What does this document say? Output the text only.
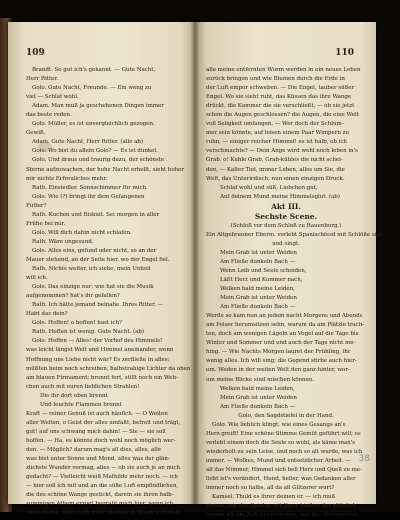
109
Brandt. So gut ich's gekannt. — Gute Nacht,
Herr Ritter.
Golo. Gute Nacht, Freunde. — Ein weng zu
viel — Schlaf wohl.
Adam. Man muß ja geschehenen Dingen immer
das beste reden.
Golo. Müller, es ist unvergleichlich gezogen.
Gewiß.
Adam. Gute Nacht, Herr Ritter. (alle ab)
Golo. Wo bist du allein Golo? — Es ist dunkel.
Golo. Und draus und traurig dazu, der schönste
Sterne aufzuwachen, der hohe Nacht erhellt, sieht hoher
mir nichts Erfreuliches mehr.
Rath. Einsiedler. Sonnschimmer für mich.
Golo. Wie (?) bringt ihr dem Gefangenen
Futter?
Rath. Kuchen und Biskuit. Sei morgen in aller
Frühe bei mir.
Golo. Will dich dahin nicht schlafen.
Rath. Wäre ungesund.
Golo. Alles eins, gefund oder nicht, so an der
Mauer stehend, an der Seite hier, wo der Engel fiel.
Rath. Nichts weiter, ich siehe, mein Unheil
will ich.
Golo. Das einzige nur: wie hat sie die Musik
aufgenommen? hat's ihr gefallen?
Rath. Ich hätte jemand beinahe. Ihres Ritter. —
Habt das dein?
Golo. Hoffen! o hoffen! hast ich?
Rath. Hoffen ist wenig. Gute Nacht. (ab)
Golo. Hoffen — Alles! der Vorhof des Himmels!
was leicht längst Welt und Himmel aneinander, wenn
Hoffnung uns Liebe nicht wär? Es zerfließe in alles;
müßten heim noch schreiben, halbstrahige Lichter da oben
am blauen Firmament; brennt fort, stillt noch ein Weh-
chen auch mit euren lieblichen Strahlen!
Die ihr dort oben brennt
Und leuchte Flammen brennt
Kraft — reiner Genuß ist auch häufich. — O Weiten
aller Weiten, o Geist der alles umfaßt, befreit und trägt,
gut! auf uns schwang mich dahin! — Sie — sie soll
hoffen. — Ha, es könnte doch wohl noch möglich wer-
den. — Möglich? darum mag's all dies, alles, alle
was bist unter Sonne und Mond, alles was der glän-
zlichste Wunder vermag, alles — ob sie auch je an mich
gedacht? — Vielleicht weiß Mathilde mehr noch. — ich
— hier soll ich mit und an die süße Luft empfindlichen,
die des schöne Wange gestickt, darein sie ihren halb-
summigen Athem erzog! begrabt mich hier, wenn ich
einst sterbe, mein Leib trübt niemals in Staub zerfallen,
110
alle meine entfernten Wurm werden in ein neues Leben
zurück bringen und wie Blumen durch die Erde in
der Luft empor schweben. — Die Engel, tauber süßer
Engel. Wo sie sieht ruht, das Küssen das ihre Wange
drückt, die Kammer die sie verschließt, — ob sie jetzt
schon die Augen geschlossen? die Augen, die eine Welt
voll Seligkeit umfangen. — Wer doch der Schlum-
mer sein könnte, auf leisen einem Paar Wimpern zu
ruhn, — einiger reicher Himmel! es ist halb, ob ich
verschmachte? — Dein Ange wird wohl noch leben in's
Grab. o! Kuhle Grab, Grab-kühles die nicht schei-
den, — Kalter Tod, immer Leben, alles um Sie, die
Welt, das Unterirdisch, nun einen einzigen Druck.
Schlaf wohl und süß, Liebchen gut,
Auf deinem Mund meine Himmelsglut. (ab)
Akt III.
Sechste Scene.
(Schloß vor dem Schloß zu Rauenburg.)
Ein Altgebrauner Eberm. vorlebt Spanischfesd mit Schlöße sips
und singt.
Mein Grab ist unter Weiden
Am Fließe dunkeln Bach —
Wenn Leib und Seele scheiden,
Läßt Herz und Kummer nach,
Welken bald meine Leiden,
Mein Grab ist unter Weiden
Am Fließe dunkeln Bach —
Werde so kam nun an jedem nacht Morgens und Abends
am Felser herumsitzen sehn, warum da am Plätzle trach-
ten, doch am wenigen Lägeln an Vogel auf die Tage bis
Winter und Sommer und und auch der Tage nicht me-
hing. — Wie Nachts Morgen lauret der Frühling, ihr
wenig alles. Ich will sing; die Gegend stirbe auch hier-
um. Weden in der weiten Welt den ganz hinter, wor-
um meine Blicke sind mischen können.
Welken bald meine Leiden,
Mein Grab ist unter Weiden
Am Fließe dunkeln Bach —
Golo, den Sagdstiefel in der Hand.
Golo. Wie lieblich klingt, wie eines Gesangs an's
Herz greift! Eine schöne Stimme Gemüt geführt will; es
verlebt einem doch die Seele so wohl, als käme man's
wiederholt zu sein Leise, und noch so alt wurde, was ich
immer. — Wolkes, Mund und entsetzlicher Arbeit. —
all das Nimmer, Himmel sich hell Herz und Quell zu me-
liebt ist's verändert, Hund, heiler, was Gedanken aller
immer noch so halbs, all da all Glitzerer wurt?
Kamsel. Thuld es ihrer deinen er. — ich muß
sinnen, wie des Spielen mit Jäger hiniber der plötzlich
Armen ich die Zeit zu verbreiten, fast das Wunderwort.
38
